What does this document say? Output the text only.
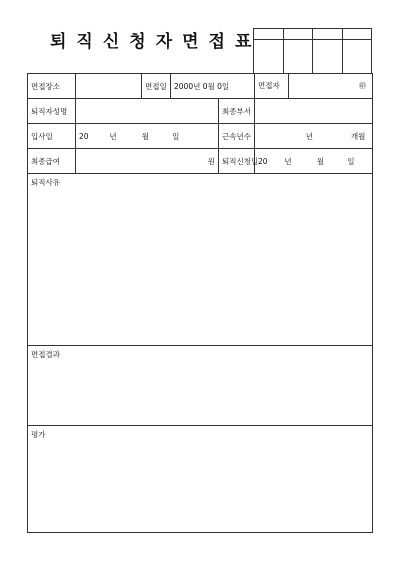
퇴직신청자면접표

면접장소		면접일	2000년 0월 0일		면접자 ㊞

퇴직자성명				최종부서	
입사일	20 년 월 일			근속년수	년 개월
최종급여	원			퇴직신청일	20 년 월 일
퇴직사유					
면접결과					
평가					
